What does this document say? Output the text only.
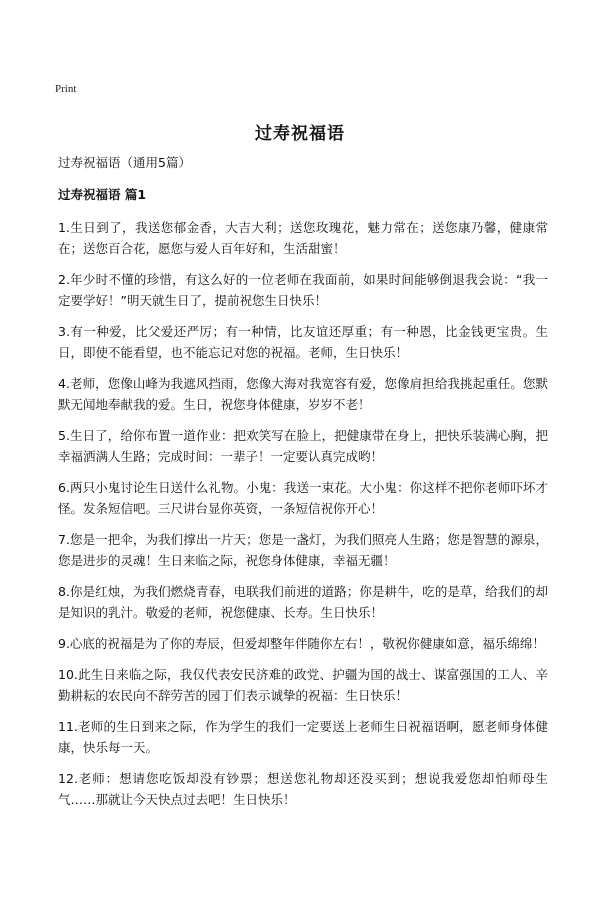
Print
过寿祝福语
过寿祝福语（通用5篇）
过寿祝福语 篇1

1.生日到了，我送您郁金香，大吉大利；送您玫瑰花，魅力常在；送您康乃馨，健康常在；送您百合花，愿您与爱人百年好和，生活甜蜜！

2.年少时不懂的珍惜，有这么好的一位老师在我面前，如果时间能够倒退我会说：“我一定要学好！”明天就生日了，提前祝您生日快乐！

3.有一种爱，比父爱还严厉；有一种情，比友谊还厚重；有一种恩，比金钱更宝贵。生日，即使不能看望，也不能忘记对您的祝福。老师，生日快乐！

4.老师，您像山峰为我遮风挡雨，您像大海对我宽容有爱，您像肩担给我挑起重任。您默默无闻地奉献我的爱。生日，祝您身体健康，岁岁不老！

5.生日了，给你布置一道作业：把欢笑写在脸上，把健康带在身上，把快乐装满心胸，把幸福洒满人生路；完成时间：一辈子！一定要认真完成哟！

6.两只小鬼讨论生日送什么礼物。小鬼：我送一束花。大小鬼：你这样不把你老师吓坏才怪。发条短信吧。三尺讲台显你英资，一条短信祝你开心！

7.您是一把伞，为我们撑出一片天；您是一盏灯，为我们照亮人生路；您是智慧的源泉，您是进步的灵魂！生日来临之际，祝您身体健康，幸福无疆！

8.你是红烛，为我们燃烧青春，电联我们前进的道路；你是耕牛，吃的是草，给我们的却是知识的乳汁。敬爱的老师，祝您健康、长寿。生日快乐！

9.心底的祝福是为了你的寿辰，但爱却整年伴随你左右！，敬祝你健康如意，福乐绵绵！

10.此生日来临之际，我仅代表安民济难的政党、护疆为国的战士、谋富强国的工人、辛勤耕耘的农民向不辞劳苦的园丁们表示诚挚的祝福：生日快乐！

11.老师的生日到来之际，作为学生的我们一定要送上老师生日祝福语啊，愿老师身体健康，快乐每一天。

12.老师：想请您吃饭却没有钞票；想送您礼物却还没买到；想说我爱您却怕师母生气……那就让今天快点过去吧！生日快乐！
